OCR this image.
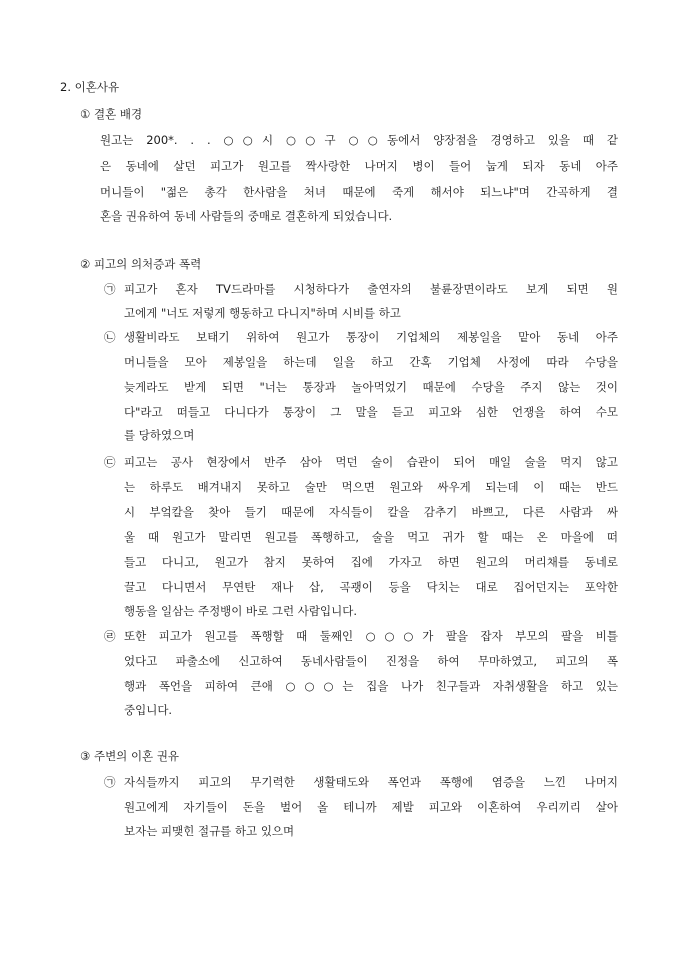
2. 이혼사유
① 결혼 배경
원고는 200*. . . ○○시 ○○구 ○○동에서 양장점을 경영하고 있을 때 같
은 동네에 살던 피고가 원고를 짝사랑한 나머지 병이 들어 눕게 되자 동네 아주
머니들이 "젊은 총각 한사람을 처녀 때문에 죽게 해서야 되느냐"며 간곡하게 결
혼을 권유하여 동네 사람들의 중매로 결혼하게 되었습니다.
② 피고의 의처증과 폭력
㉠ 피고가 혼자 TV드라마를 시청하다가 출연자의 불륜장면이라도 보게 되면 원
고에게 "너도 저렇게 행동하고 다니지"하며 시비를 하고
㉡ 생활비라도 보태기 위하여 원고가 통장이 기업체의 제봉일을 맡아 동네 아주
머니들을 모아 제봉일을 하는데 일을 하고 간혹 기업체 사정에 따라 수당을
늦게라도 받게 되면 "너는 통장과 놀아먹었기 때문에 수당을 주지 않는 것이
다"라고 떠들고 다니다가 통장이 그 말을 듣고 피고와 심한 언쟁을 하여 수모
를 당하였으며
㉢ 피고는 공사 현장에서 반주 삼아 먹던 술이 습관이 되어 매일 술을 먹지 않고
는 하루도 배겨내지 못하고 술만 먹으면 원고와 싸우게 되는데 이 때는 반드
시 부엌칼을 찾아 들기 때문에 자식들이 칼을 감추기 바쁘고, 다른 사람과 싸
울 때 원고가 말리면 원고를 폭행하고, 술을 먹고 귀가 할 때는 온 마을에 떠
들고 다니고, 원고가 참지 못하여 집에 가자고 하면 원고의 머리채를 동네로
끌고 다니면서 무연탄 재나 삽, 곡괭이 등을 닥치는 대로 집어던지는 포악한
행동을 일삼는 주정뱅이 바로 그런 사람입니다.
㉣ 또한 피고가 원고를 폭행할 때 둘째인 ○○○가 팔을 잡자 부모의 팔을 비틀
었다고 파출소에 신고하여 동네사람들이 진정을 하여 무마하였고, 피고의 폭
행과 폭언을 피하여 큰애 ○○○는 집을 나가 친구들과 자취생활을 하고 있는
중입니다.
③ 주변의 이혼 권유
㉠ 자식들까지 피고의 무기력한 생활태도와 폭언과 폭행에 염증을 느낀 나머지
원고에게 자기들이 돈을 벌어 올 테니까 제발 피고와 이혼하여 우리끼리 살아
보자는 피맺힌 절규를 하고 있으며
